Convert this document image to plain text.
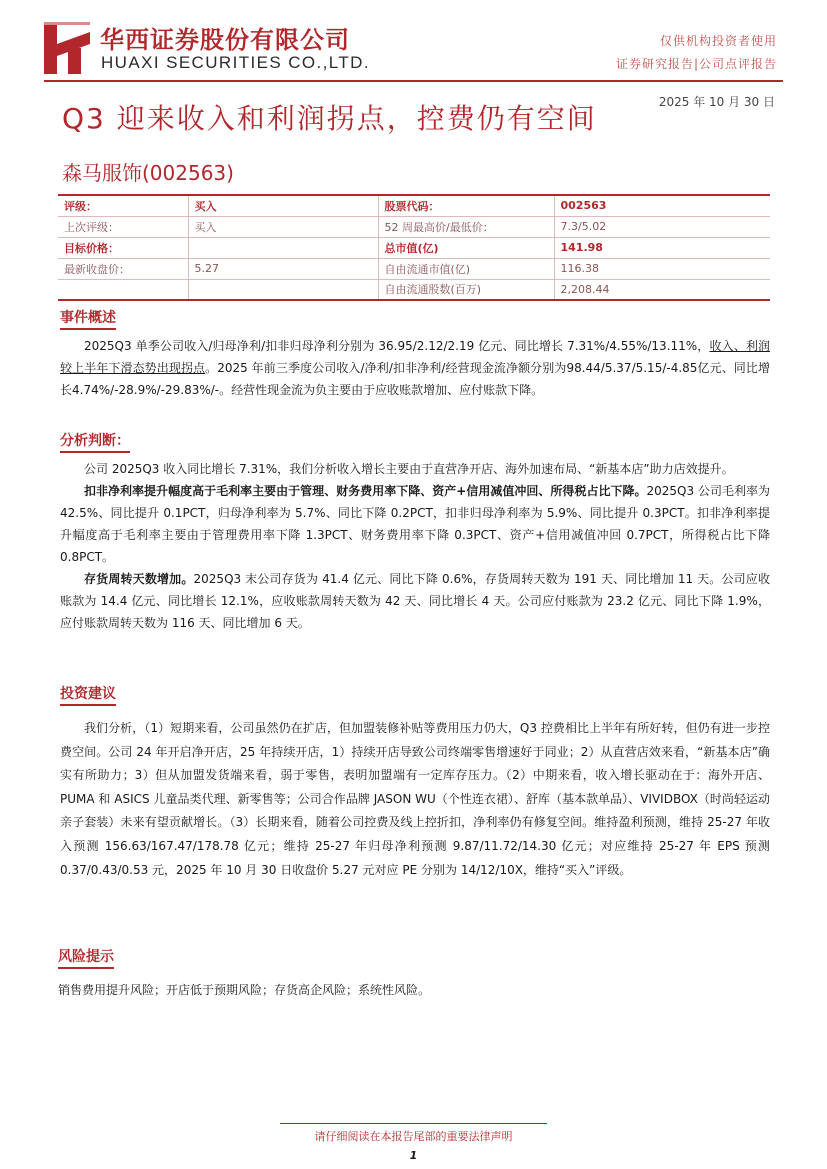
华西证券股份有限公司
HUAXI SECURITIES CO.,LTD.
仅供机构投资者使用
证券研究报告|公司点评报告
2025 年 10 月 30 日
Q3 迎来收入和利润拐点，控费仍有空间
森马服饰(002563)
评级：	买入	股票代码：	002563
上次评级：	买入	52 周最高价/最低价：	7.3/5.02
目标价格：		总市值(亿)	141.98
最新收盘价：	5.27	自由流通市值(亿)	116.38
		自由流通股数(百万)	2,208.44
事件概述

2025Q3 单季公司收入/归母净利/扣非归母净利分别为 36.95/2.12/2.19 亿元、同比增长 7.31%/4.55%/13.11%，收入、利润较上半年下滑态势出现拐点。2025 年前三季度公司收入/净利/扣非净利/经营现金流净额分别为98.44/5.37/5.15/-4.85亿元、同比增长4.74%/-28.9%/-29.83%/-。经营性现金流为负主要由于应收账款增加、应付账款下降。

分析判断：

公司 2025Q3 收入同比增长 7.31%，我们分析收入增长主要由于直营净开店、海外加速布局、“新基本店”助力店效提升。

扣非净利率提升幅度高于毛利率主要由于管理、财务费用率下降、资产+信用减值冲回、所得税占比下降。2025Q3 公司毛利率为 42.5%、同比提升 0.1PCT，归母净利率为 5.7%、同比下降 0.2PCT，扣非归母净利率为 5.9%、同比提升 0.3PCT。扣非净利率提升幅度高于毛利率主要由于管理费用率下降 1.3PCT、财务费用率下降 0.3PCT、资产+信用减值冲回 0.7PCT，所得税占比下降 0.8PCT。

存货周转天数增加。2025Q3 末公司存货为 41.4 亿元、同比下降 0.6%，存货周转天数为 191 天、同比增加 11 天。公司应收账款为 14.4 亿元、同比增长 12.1%，应收账款周转天数为 42 天、同比增长 4 天。公司应付账款为 23.2 亿元、同比下降 1.9%，应付账款周转天数为 116 天、同比增加 6 天。

投资建议

我们分析，（1）短期来看，公司虽然仍在扩店，但加盟装修补贴等费用压力仍大，Q3 控费相比上半年有所好转，但仍有进一步控费空间。公司 24 年开启净开店，25 年持续开店，1）持续开店导致公司终端零售增速好于同业；2）从直营店效来看，“新基本店”确实有所助力；3）但从加盟发货端来看，弱于零售，表明加盟端有一定库存压力。（2）中期来看，收入增长驱动在于：海外开店、PUMA 和 ASICS 儿童品类代理、新零售等；公司合作品牌 JASON WU（个性连衣裙）、舒库（基本款单品）、VIVIDBOX（时尚轻运动亲子套装）未来有望贡献增长。（3）长期来看，随着公司控费及线上控折扣，净利率仍有修复空间。维持盈利预测，维持 25-27 年收入预测 156.63/167.47/178.78 亿元；维持 25-27 年归母净利预测 9.87/11.72/14.30 亿元；对应维持 25-27 年 EPS 预测 0.37/0.43/0.53 元，2025 年 10 月 30 日收盘价 5.27 元对应 PE 分别为 14/12/10X，维持“买入”评级。

风险提示

销售费用提升风险；开店低于预期风险；存货高企风险；系统性风险。

请仔细阅读在本报告尾部的重要法律声明
1
